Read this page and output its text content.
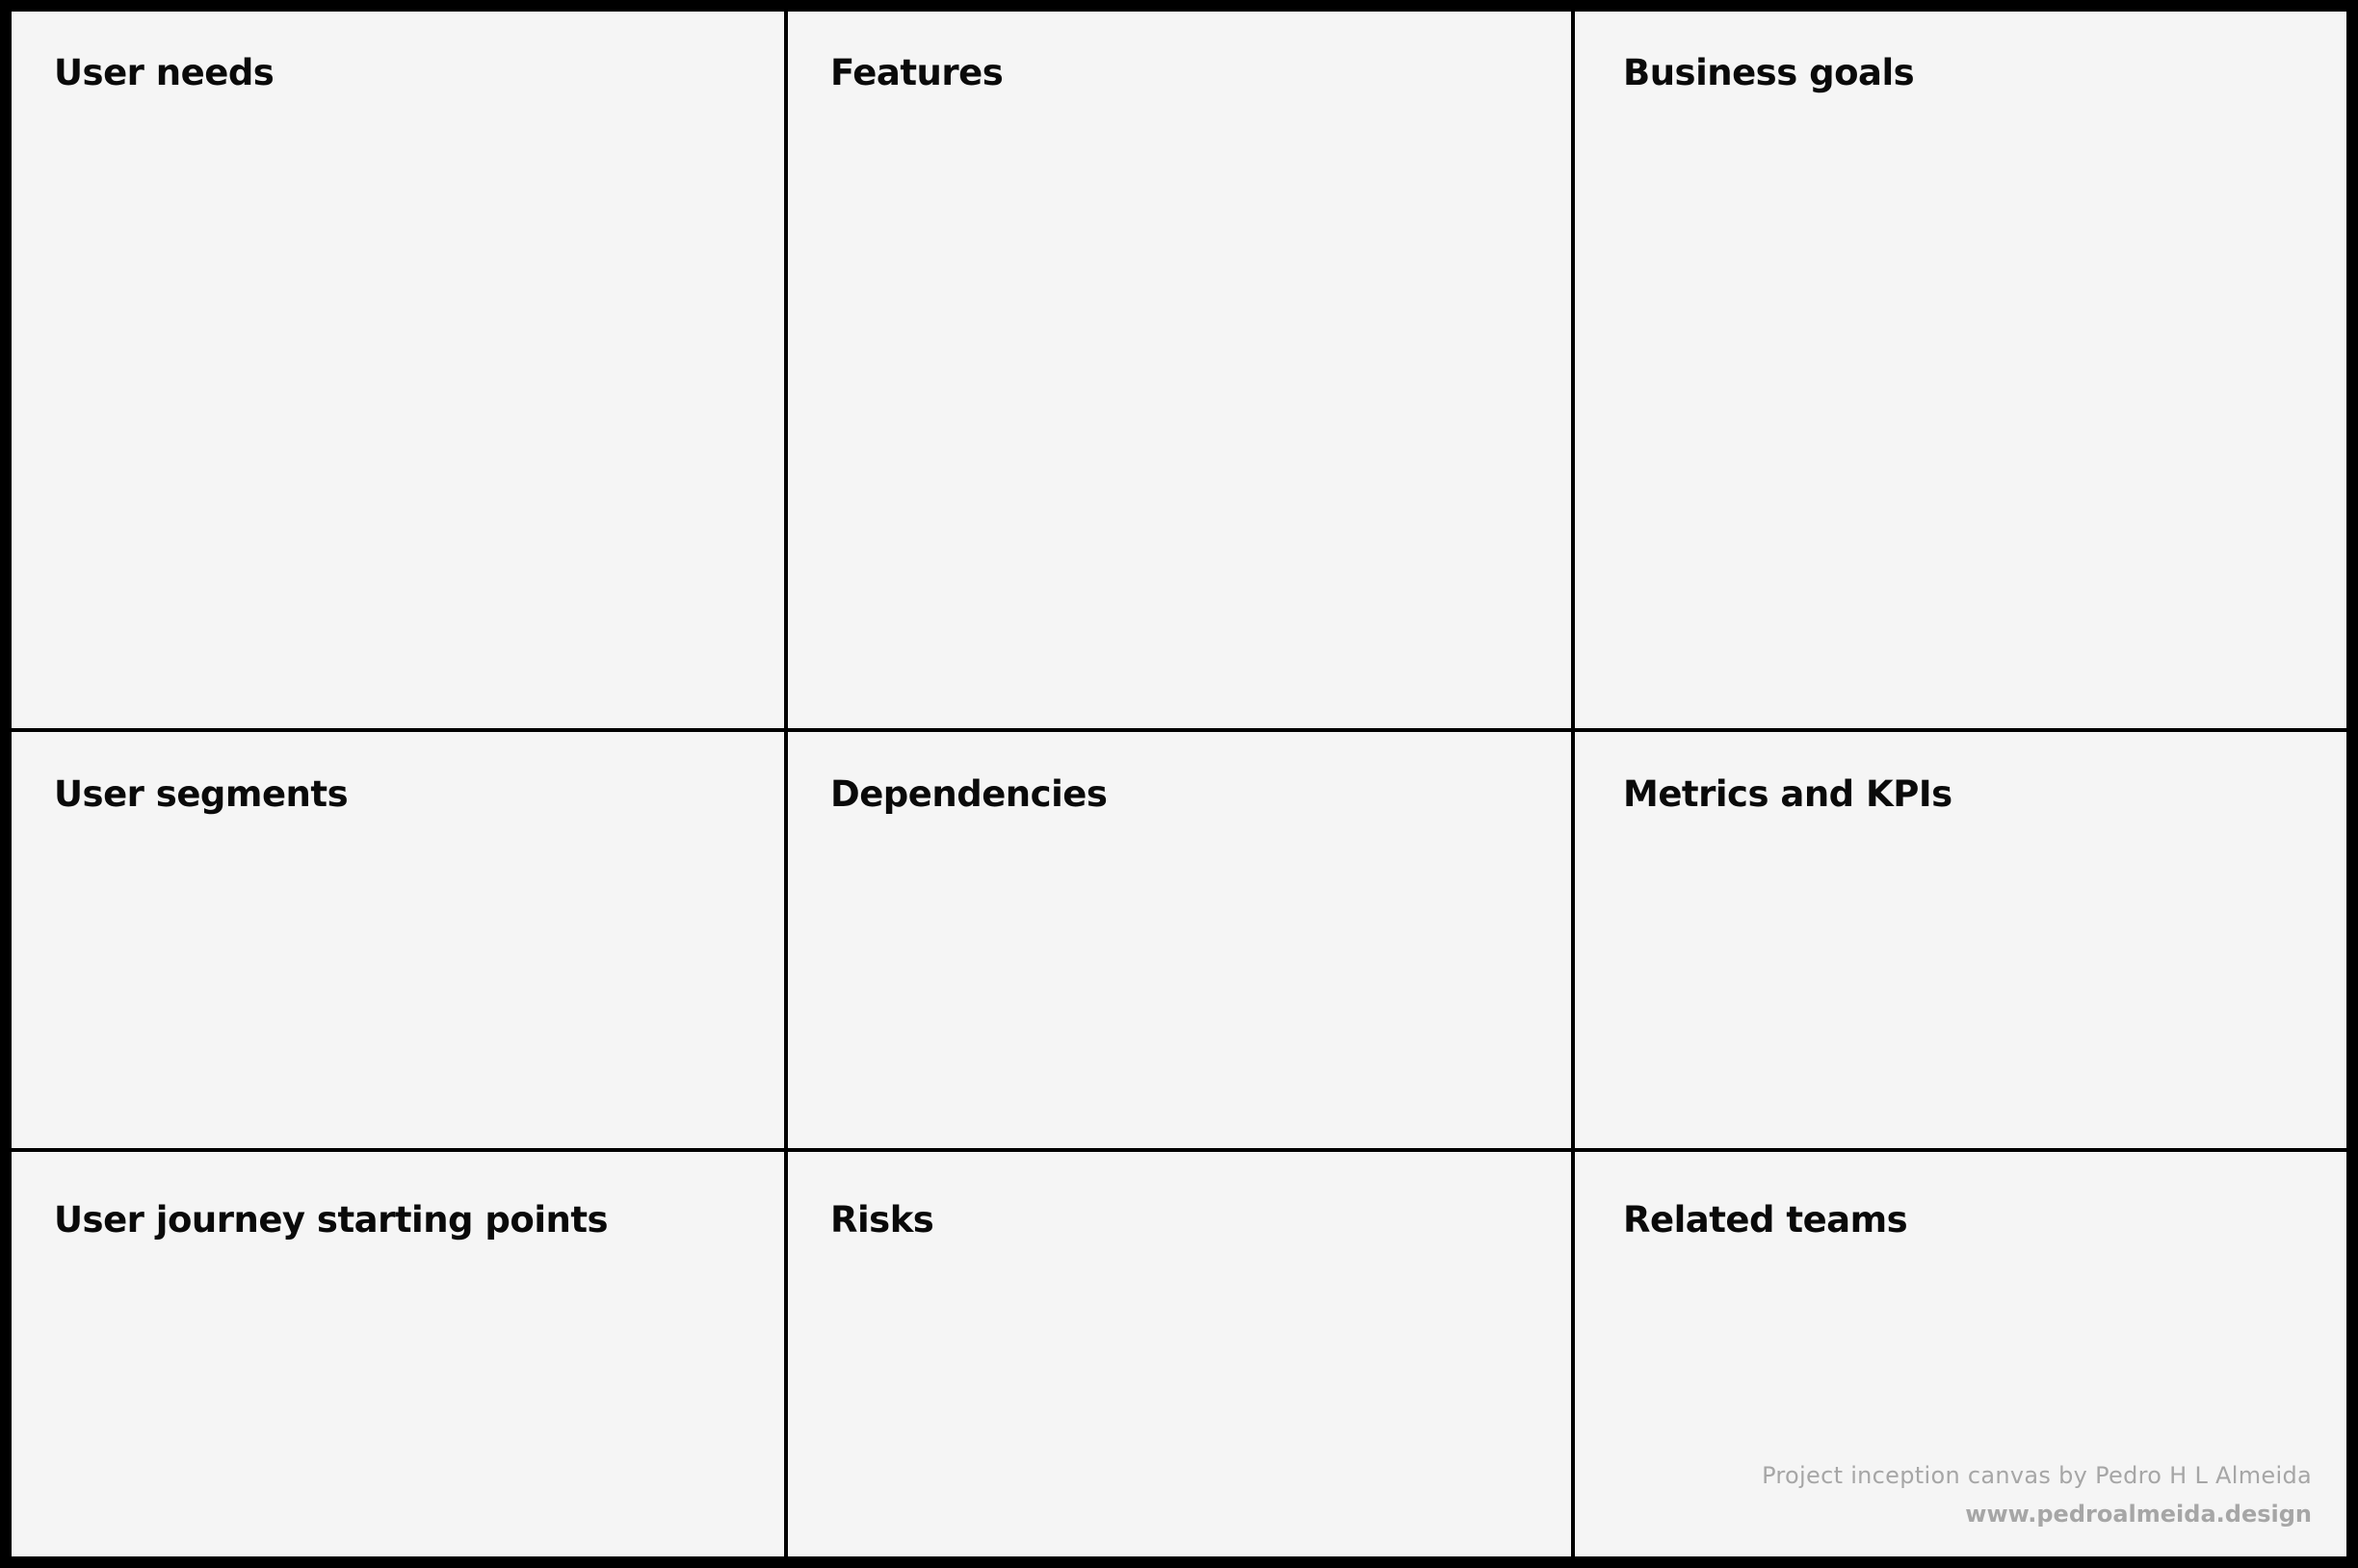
User needs	Features	Business goals
User segments	Dependencies	Metrics and KPIs
User journey starting points	Risks	Related teams
Project inception canvas by Pedro H L Almeida
www.pedroalmeida.design
